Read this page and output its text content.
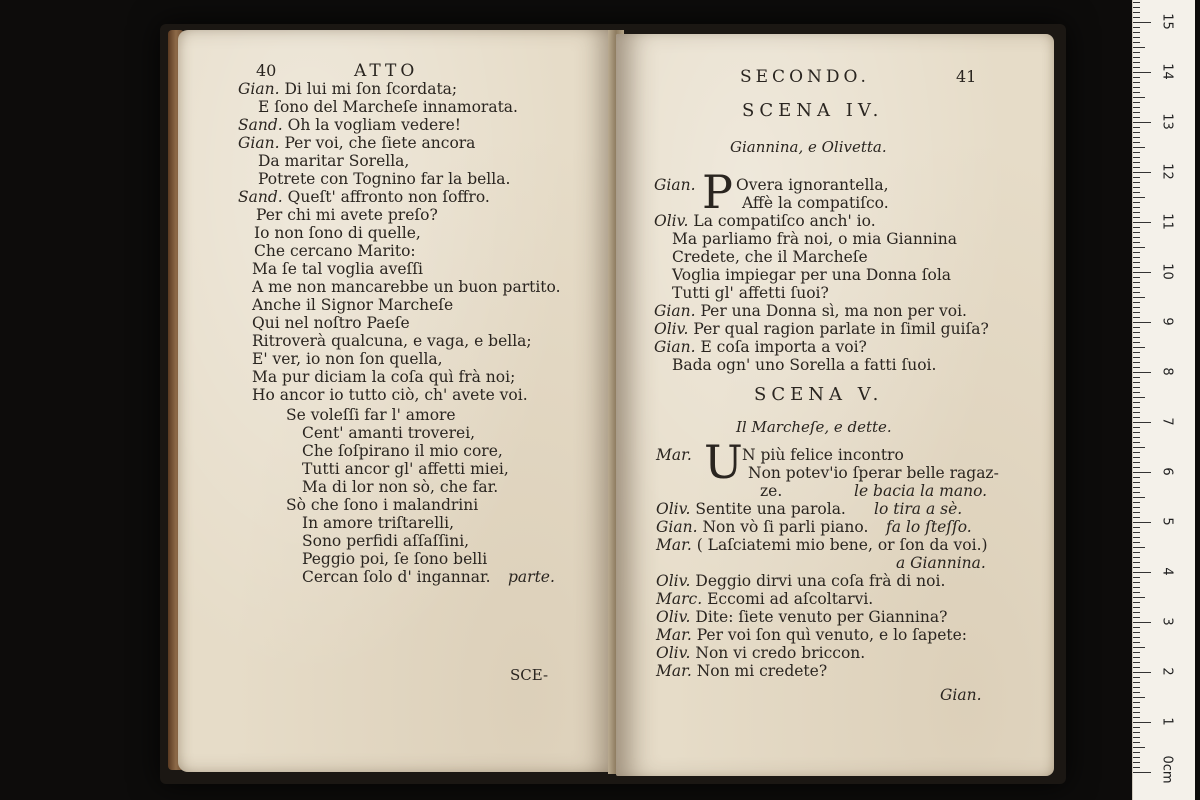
40	ATTO
Gian. Di lui mi ſon ſcordata;
E ſono del Marcheſe innamorata.
Sand. Oh la vogliam vedere!
Gian. Per voi, che ſiete ancora
Da maritar Sorella,
Potrete con Tognino far la bella.
Sand. Queſt' affronto non ſoffro.
Per chi mi avete preſo?
Io non ſono di quelle,
Che cercano Marito:
Ma ſe tal voglia aveſſi
A me non mancarebbe un buon partito.
Anche il Signor Marcheſe
Qui nel noſtro Paeſe
Ritroverà qualcuna, e vaga, e bella;
E' ver, io non ſon quella,
Ma pur diciam la coſa quì frà noi;
Ho ancor io tutto ciò, ch' avete voi.
Se voleſſi far l' amore
Cent' amanti troverei,
Che ſoſpirano il mio core,
Tutti ancor gl' affetti miei,
Ma di lor non sò, che far.
Sò che ſono i malandrini
In amore triſtarelli,
Sono perfidi aſſaſſini,
Peggio poi, ſe ſono belli
Cercan ſolo d' ingannar. parte.
SCE-
SECONDO.	41
SCENA IV.
Giannina, e Olivetta.
P
Gian.	Overa ignorantella,
Affè la compatiſco.
Oliv. La compatiſco anch' io.
Ma parliamo frà noi, o mia Giannina
Credete, che il Marcheſe
Voglia impiegar per una Donna ſola
Tutti gl' affetti ſuoi?
Gian. Per una Donna sì, ma non per voi.
Oliv. Per qual ragion parlate in ſimil guiſa?
Gian. E coſa importa a voi?
Bada ogn' uno Sorella a fatti ſuoi.
SCENA V.
Il Marcheſe, e dette.
U
Mar.	N più felice incontro
Non potev'io ſperar belle ragaz-
ze.	le bacia la mano.
Oliv. Sentite una parola. lo tira a sè.
Gian. Non vò ſi parli piano. fa lo ſteſſo.
Mar. ( Laſciatemi mio bene, or ſon da voi.)
a Giannina.
Oliv. Deggio dirvi una coſa frà di noi.
Marc. Eccomi ad aſcoltarvi.
Oliv. Dite: ſiete venuto per Giannina?
Mar. Per voi ſon quì venuto, e lo ſapete:
Oliv. Non vi credo briccon.
Mar. Non mi credete?
Gian.
0cm
1
2
3
4
5
6
7
8
9
10
11
12
13
14
15
